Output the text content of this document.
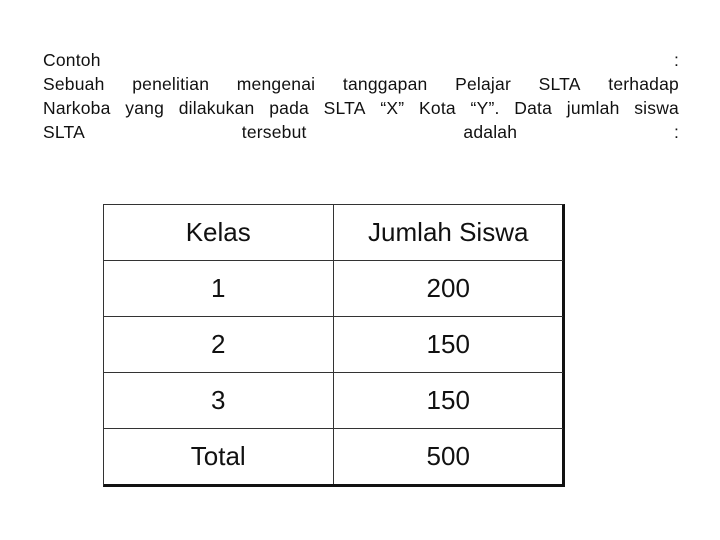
Contoh	:
Sebuah penelitian mengenai tanggapan Pelajar SLTA terhadap
Narkoba yang dilakukan pada SLTA “X” Kota “Y”. Data jumlah siswa
SLTA	tersebut	adalah	:
Kelas	Jumlah Siswa
1	200
2	150
3	150
Total	500
